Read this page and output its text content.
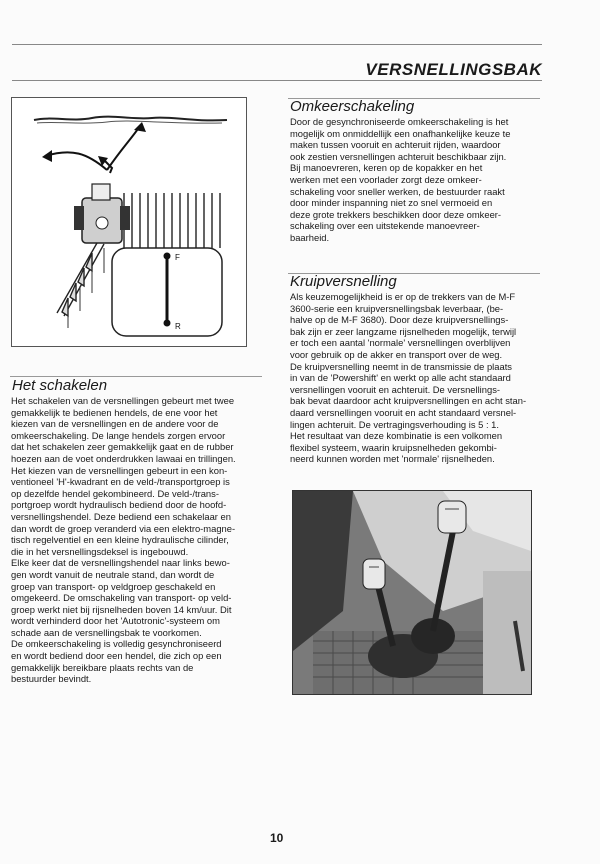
VERSNELLINGSBAK
F
R
Omkeerschakeling
Door de gesynchroniseerde omkeerschakeling is het
mogelijk om onmiddellijk een onafhankelijke keuze te
maken tussen vooruit en achteruit rijden, waardoor
ook zestien versnellingen achteruit beschikbaar zijn.
Bij manoevreren, keren op de kopakker en het
werken met een voorlader zorgt deze omkeer-
schakeling voor sneller werken, de bestuurder raakt
door minder inspanning niet zo snel vermoeid en
deze grote trekkers beschikken door deze omkeer-
schakeling over een uitstekende manoevreer-
baarheid.
Kruipversnelling
Als keuzemogelijkheid is er op de trekkers van de M-F
3600-serie een kruipversnellingsbak leverbaar, (be-
halve op de M-F 3680). Door deze kruipversnellings-
bak zijn er zeer langzame rijsnelheden mogelijk, terwijl
er toch een aantal 'normale' versnellingen overblijven
voor gebruik op de akker en transport over de weg.
De kruipversnelling neemt in de transmissie de plaats
in van de 'Powershift' en werkt op alle acht standaard
versnellingen vooruit en achteruit. De versnellings-
bak bevat daardoor acht kruipversnellingen en acht stan-
daard versnellingen vooruit en acht standaard versnel-
lingen achteruit. De vertragingsverhouding is 5 : 1.
Het resultaat van deze kombinatie is een volkomen
flexibel systeem, waarin kruipsnelheden gekombi-
neerd kunnen worden met 'normale' rijsnelheden.
Het schakelen
Het schakelen van de versnellingen gebeurt met twee
gemakkelijk te bedienen hendels, de ene voor het
kiezen van de versnellingen en de andere voor de
omkeerschakeling. De lange hendels zorgen ervoor
dat het schakelen zeer gemakkelijk gaat en de rubber
hoezen aan de voet onderdrukken lawaai en trillingen.
Het kiezen van de versnellingen gebeurt in een kon-
ventioneel 'H'-kwadrant en de veld-/transportgroep is
op dezelfde hendel gekombineerd. De veld-/trans-
portgroep wordt hydraulisch bediend door de hoofd-
versnellingshendel. Deze bediend een schakelaar en
dan wordt de groep veranderd via een elektro-magne-
tisch regelventiel en een kleine hydraulische cilinder,
die in het versnellingsdeksel is ingebouwd.
Elke keer dat de versnellingshendel naar links bewo-
gen wordt vanuit de neutrale stand, dan wordt de
groep van transport- op veldgroep geschakeld en
omgekeerd. De omschakeling van transport- op veld-
groep werkt niet bij rijsnelheden boven 14 km/uur. Dit
wordt verhinderd door het 'Autotronic'-systeem om
schade aan de versnellingsbak te voorkomen.
De omkeerschakeling is volledig gesynchroniseerd
en wordt bediend door een hendel, die zich op een
gemakkelijk bereikbare plaats rechts van de
bestuurder bevindt.
10
